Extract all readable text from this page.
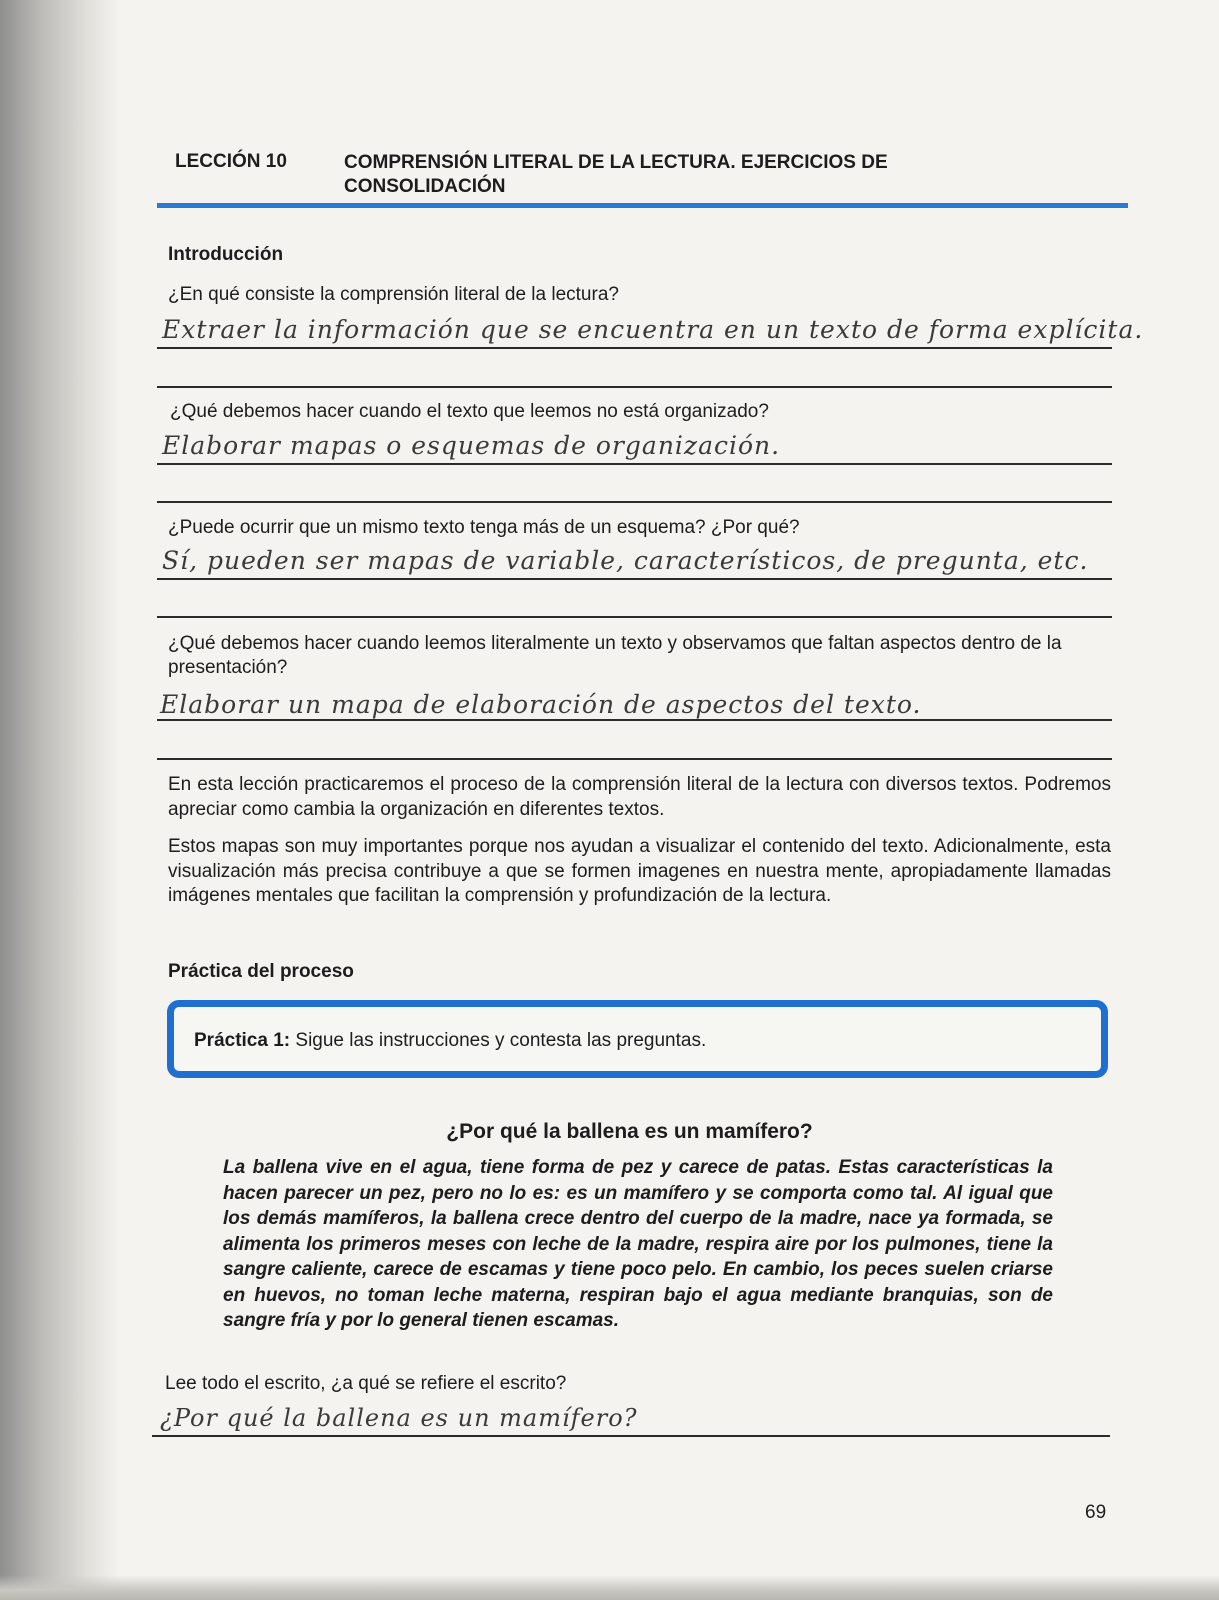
LECCIÓN 10	COMPRENSIÓN LITERAL DE LA LECTURA. EJERCICIOS DE CONSOLIDACIÓN
Introducción
¿En qué consiste la comprensión literal de la lectura?
Extraer la información que se encuentra en un texto de forma explícita.
¿Qué debemos hacer cuando el texto que leemos no está organizado?
Elaborar mapas o esquemas de organización.
¿Puede ocurrir que un mismo texto tenga más de un esquema? ¿Por qué?
Sí, pueden ser mapas de variable, característicos, de pregunta, etc.
¿Qué debemos hacer cuando leemos literalmente un texto y observamos que faltan aspectos dentro de la presentación?
Elaborar un mapa de elaboración de aspectos del texto.
En esta lección practicaremos el proceso de la comprensión literal de la lectura con diversos textos. Podremos apreciar como cambia la organización en diferentes textos.
Estos mapas son muy importantes porque nos ayudan a visualizar el contenido del texto. Adicionalmente, esta visualización más precisa contribuye a que se formen imagenes en nuestra mente, apropiadamente llamadas imágenes mentales que facilitan la comprensión y profundización de la lectura.
Práctica del proceso
Práctica 1: Sigue las instrucciones y contesta las preguntas.
¿Por qué la ballena es un mamífero?
La ballena vive en el agua, tiene forma de pez y carece de patas. Estas características la hacen parecer un pez, pero no lo es: es un mamífero y se comporta como tal. Al igual que los demás mamíferos, la ballena crece dentro del cuerpo de la madre, nace ya formada, se alimenta los primeros meses con leche de la madre, respira aire por los pulmones, tiene la sangre caliente, carece de escamas y tiene poco pelo. En cambio, los peces suelen criarse en huevos, no toman leche materna, respiran bajo el agua mediante branquias, son de sangre fría y por lo general tienen escamas.
Lee todo el escrito, ¿a qué se refiere el escrito?
¿Por qué la ballena es un mamífero?
69
